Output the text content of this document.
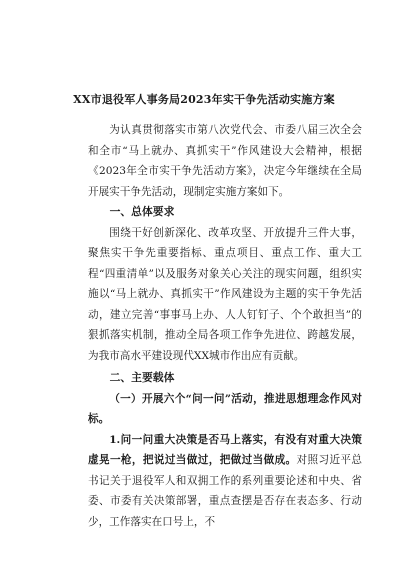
XX市退役军人事务局2023年实干争先活动实施方案

为认真贯彻落实市第八次党代会、市委八届三次全会和全市“马上就办、真抓实干”作风建设大会精神，根据《2023年全市实干争先活动方案》，决定今年继续在全局开展实干争先活动，现制定实施方案如下。

一、总体要求

围绕干好创新深化、改革攻坚、开放提升三件大事，聚焦实干争先重要指标、重点项目、重点工作、重大工程“四重清单”以及服务对象关心关注的现实问题，组织实施以“马上就办、真抓实干”作风建设为主题的实干争先活动，建立完善“事事马上办、人人钉钉子、个个敢担当”的狠抓落实机制，推动全局各项工作争先进位、跨越发展，为我市高水平建设现代XX城市作出应有贡献。

二、主要载体

（一）开展六个“问一问”活动，推进思想理念作风对标。

1.问一问重大决策是否马上落实，有没有对重大决策虚晃一枪，把说过当做过，把做过当做成。对照习近平总书记关于退役军人和双拥工作的系列重要论述和中央、省委、市委有关决策部署，重点查摆是否存在表态多、行动少，工作落实在口号上，不
